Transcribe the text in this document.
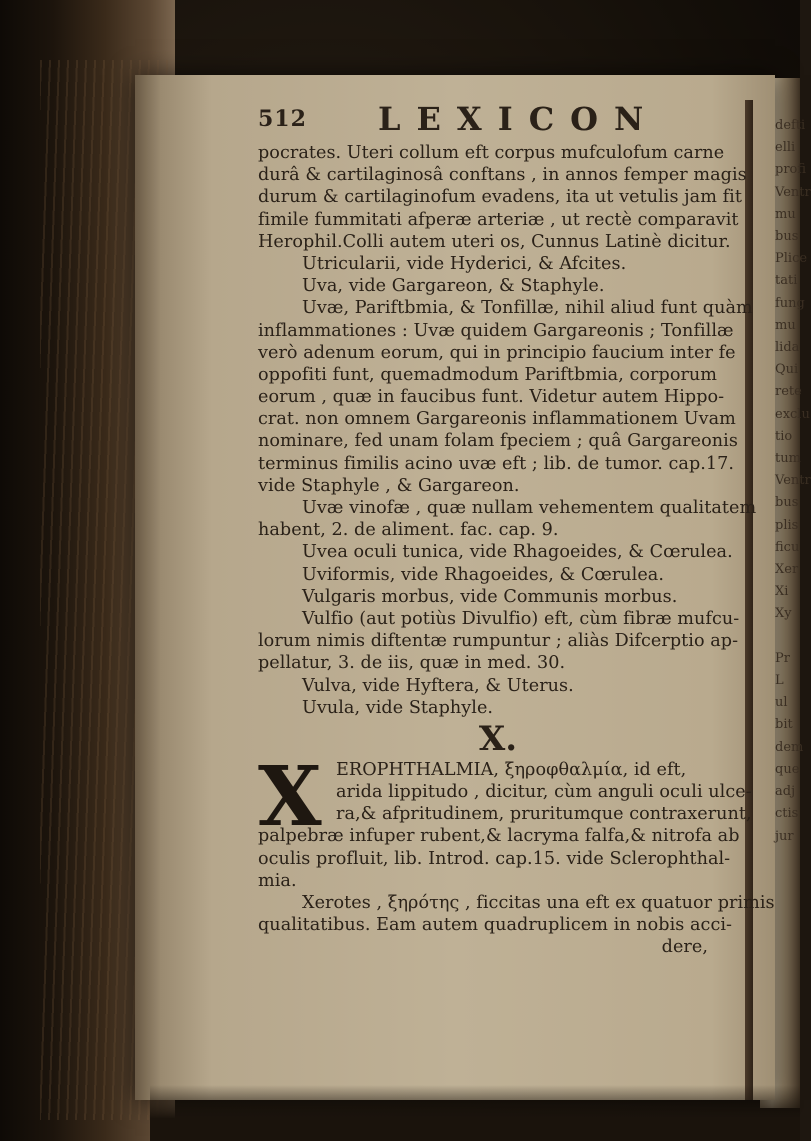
defti
elli
profi
Ventr
mu
bus
Plice
tati
fung
mu
lida
Qui
rete
exclu
tio
tum
Ventr
bus
plis
ficu
Xer
Xi
Xy

Pr
L
ul
bit
dem
que
adj
ctis
jur
512 LEXICON
pocrates. Uteri collum eft corpus mufculofum carne
durâ & cartilaginosâ conftans , in annos femper magis
durum & cartilaginofum evadens, ita ut vetulis jam fit
fimile fummitati afperæ arteriæ , ut rectè comparavit
Herophil.Colli autem uteri os, Cunnus Latinè dicitur.
Utricularii, vide Hyderici, & Afcites.
Uva, vide Gargareon, & Staphyle.
Uvæ, Pariftbmia, & Tonfillæ, nihil aliud funt quàm
inflammationes : Uvæ quidem Gargareonis ; Tonfillæ
verò adenum eorum, qui in principio faucium inter fe
oppofiti funt, quemadmodum Pariftbmia, corporum
eorum , quæ in faucibus funt. Videtur autem Hippo-
crat. non omnem Gargareonis inflammationem Uvam
nominare, fed unam folam fpeciem ; quâ Gargareonis
terminus fimilis acino uvæ eft ; lib. de tumor. cap.17.
vide Staphyle , & Gargareon.
Uvæ vinofæ , quæ nullam vehementem qualitatem
habent, 2. de aliment. fac. cap. 9.
Uvea oculi tunica, vide Rhagoeides, & Cœrulea.
Uviformis, vide Rhagoeides, & Cœrulea.
Vulgaris morbus, vide Communis morbus.
Vulfio (aut potiùs Divulfio) eft, cùm fibræ mufcu-
lorum nimis diftentæ rumpuntur ; aliàs Difcerptio ap-
pellatur, 3. de iis, quæ in med. 30.
Vulva, vide Hyftera, & Uterus.
Uvula, vide Staphyle.
X.
X EROPHTHALMIA, ξηροφθαλμία, id eft,
arida lippitudo , dicitur, cùm anguli oculi ulce-
ra,& afpritudinem, pruritumque contraxerunt,
palpebræ infuper rubent,& lacryma falfa,& nitrofa ab
oculis profluit, lib. Introd. cap.15. vide Sclerophthal-
mia.
Xerotes , ξηρότης , ficcitas una eft ex quatuor primis
qualitatibus. Eam autem quadruplicem in nobis acci-
dere,
